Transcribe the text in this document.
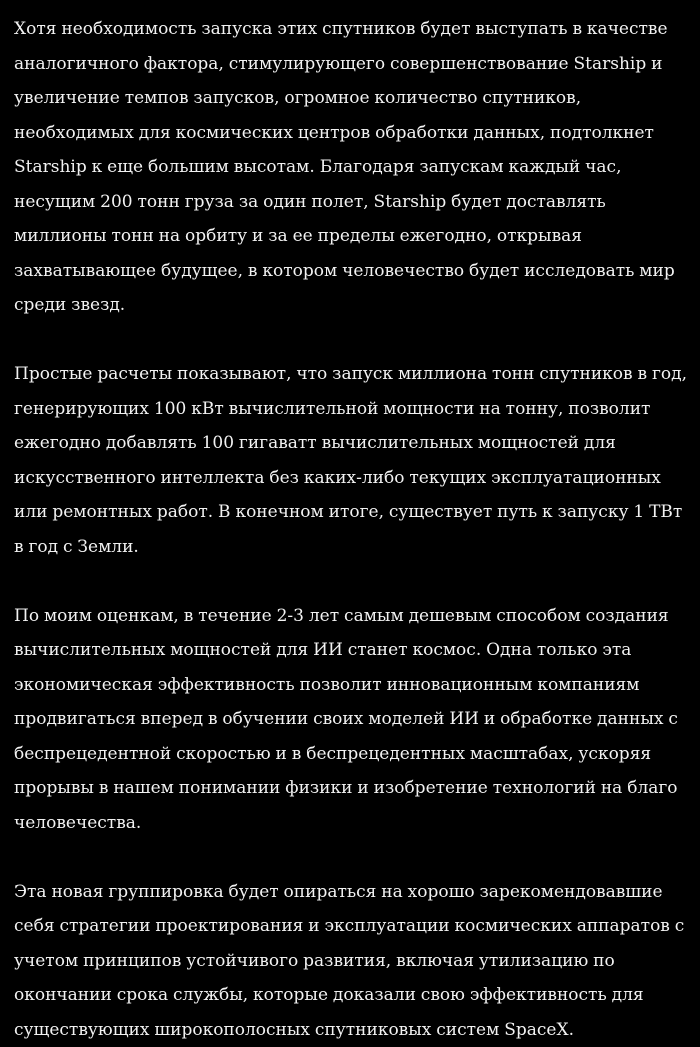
Хотя необходимость запуска этих спутников будет выступать в качестве аналогичного фактора, стимулирующего совершенствование Starship и увеличение темпов запусков, огромное количество спутников, необходимых для космических центров обработки данных, подтолкнет Starship к еще большим высотам. Благодаря запускам каждый час, несущим 200 тонн груза за один полет, Starship будет доставлять миллионы тонн на орбиту и за ее пределы ежегодно, открывая захватывающее будущее, в котором человечество будет исследовать мир среди звезд.

Простые расчеты показывают, что запуск миллиона тонн спутников в год, генерирующих 100 кВт вычислительной мощности на тонну, позволит ежегодно добавлять 100 гигаватт вычислительных мощностей для искусственного интеллекта без каких-либо текущих эксплуатационных или ремонтных работ. В конечном итоге, существует путь к запуску 1 ТВт в год с Земли.

По моим оценкам, в течение 2-3 лет самым дешевым способом создания вычислительных мощностей для ИИ станет космос. Одна только эта экономическая эффективность позволит инновационным компаниям продвигаться вперед в обучении своих моделей ИИ и обработке данных с беспрецедентной скоростью и в беспрецедентных масштабах, ускоряя прорывы в нашем понимании физики и изобретение технологий на благо человечества.

Эта новая группировка будет опираться на хорошо зарекомендовавшие себя стратегии проектирования и эксплуатации космических аппаратов с учетом принципов устойчивого развития, включая утилизацию по окончании срока службы, которые доказали свою эффективность для существующих широкополосных спутниковых систем SpaceX.
